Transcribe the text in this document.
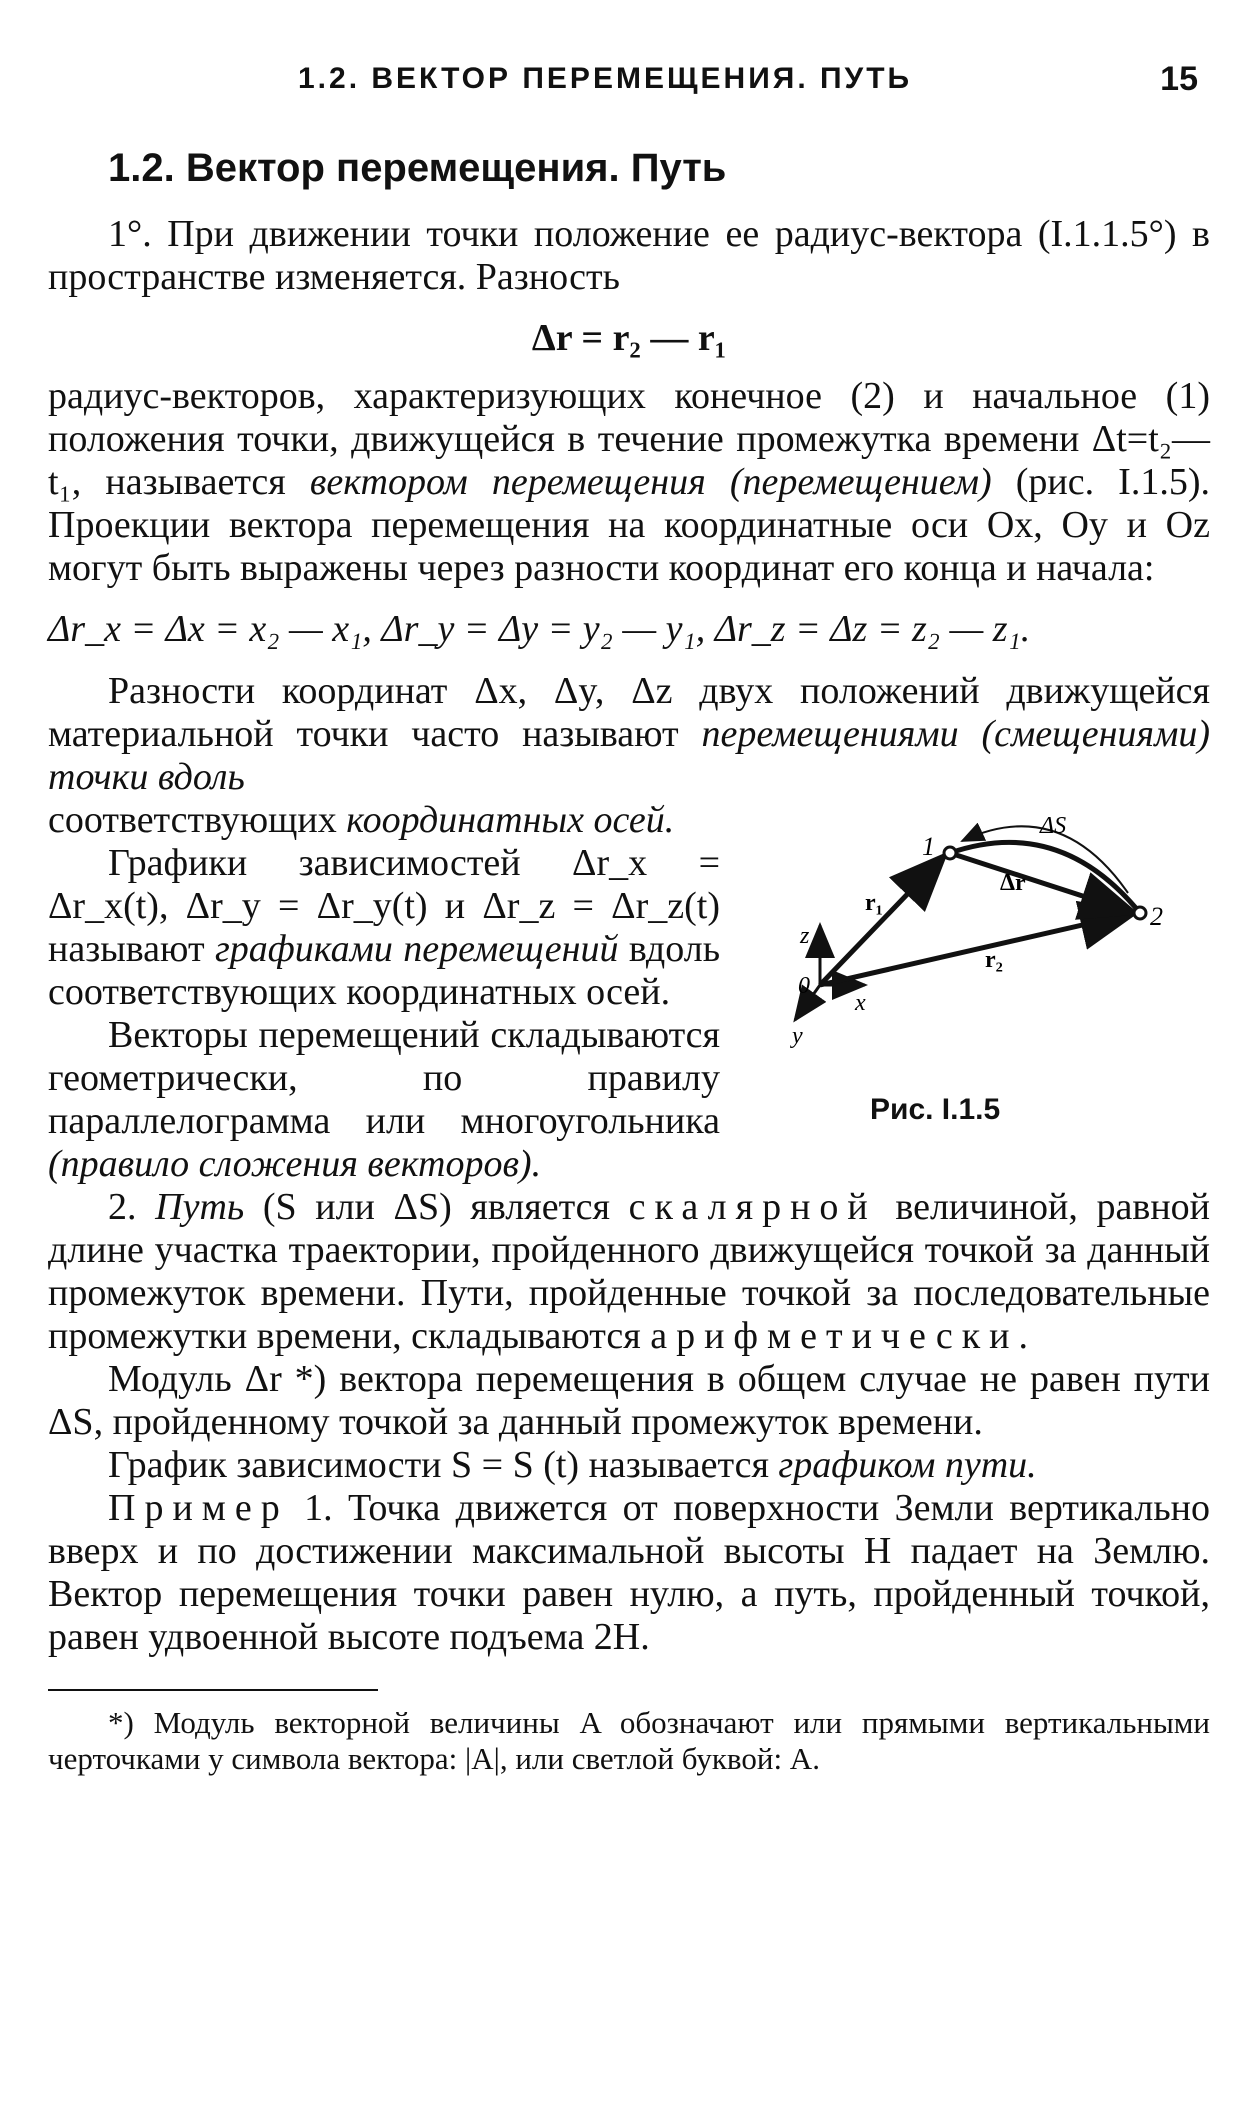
1.2. ВЕКТОР ПЕРЕМЕЩЕНИЯ. ПУТЬ	15
1.2. Вектор перемещения. Путь

1°. При движении точки положение ее радиус-вектора (I.1.1.5°) в пространстве изменяется. Разность

Δr = r₂ — r₁

радиус-векторов, характеризующих конечное (2) и начальное (1) положения точки, движущейся в течение промежутка времени Δt=t₂—t₁, называется вектором перемещения (перемещением) (рис. I.1.5). Проекции вектора перемещения на координатные оси Ox, Oy и Oz могут быть выражены через разности координат его конца и начала:

Δr_x = Δx = x₂ — x₁, Δr_y = Δy = y₂ — y₁, Δr_z = Δz = z₂ — z₁.

Разности координат Δx, Δy, Δz двух положений движущейся материальной точки часто называют перемещениями (смещениями) точки вдоль

1
2
ΔS
Δr
r₁
r₂
0
x
y
z
Рис. I.1.5

соответствующих координатных осей.

Графики зависимостей Δr_x = Δr_x(t), Δr_y = Δr_y(t) и Δr_z = Δr_z(t) называют графиками перемещений вдоль соответствующих координатных осей.

Векторы перемещений складываются геометрически, по правилу параллелограмма или многоугольника (правило сложения векторов).

2. Путь (S или ΔS) является скалярной величиной, равной длине участка траектории, пройденного движущейся точкой за данный промежуток времени. Пути, пройденные точкой за последовательные промежутки времени, складываются арифметически.

Модуль Δr *) вектора перемещения в общем случае не равен пути ΔS, пройденному точкой за данный промежуток времени.

График зависимости S = S (t) называется графиком пути.

Пример 1. Точка движется от поверхности Земли вертикально вверх и по достижении максимальной высоты H падает на Землю. Вектор перемещения точки равен нулю, а путь, пройденный точкой, равен удвоенной высоте подъема 2H.

*) Модуль векторной величины A обозначают или прямыми вертикальными черточками у символа вектора: |A|, или светлой буквой: A.
